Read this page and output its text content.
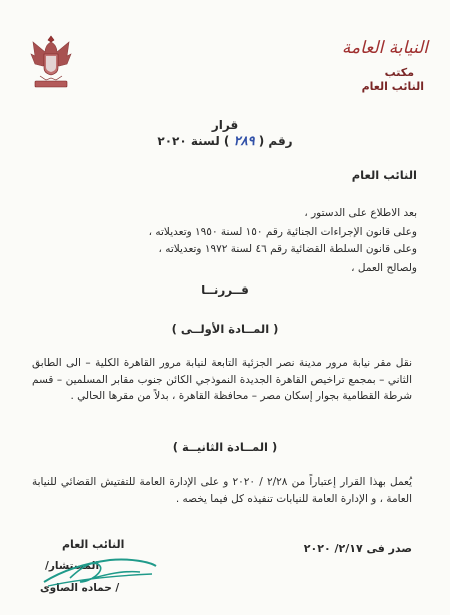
النيابة العامة
مكتب
النائب العام
قرار
رقم ( ٢٨٩ ) لسنة ٢٠٢٠
النائب العام
بعد الاطلاع على الدستور ،
وعلى قانون الإجراءات الجنائية رقم ١٥٠ لسنة ١٩٥٠ وتعديلاته ،
وعلى قانون السلطة القضائية رقم ٤٦ لسنة ١٩٧٢ وتعديلاته ،
ولصالح العمل ،
قــررنــا
( المــادة الأولــى )
نقل مقر نيابة مرور مدينة نصر الجزئية التابعة لنيابة مرور القاهرة الكلية – الى الطابق الثاني – بمجمع تراخيص القاهرة الجديدة النموذجي الكائن جنوب مقابر المسلمين – قسم شرطة القطامية بجوار إسكان مصر – محافظة القاهرة ، بدلاً من مقرها الحالي .
( المــادة الثانيــة )
يُعمل بهذا القرار إعتباراً من ٢/٢٨ / ٢٠٢٠ و على الإدارة العامة للتفتيش القضائي للنيابة العامة ، و الإدارة العامة للنيابات تنفيذه كل فيما يخصه .
صدر فى ٢/١٧/ ٢٠٢٠
النائب العام
المستشار/
/ حماده الصاوى
